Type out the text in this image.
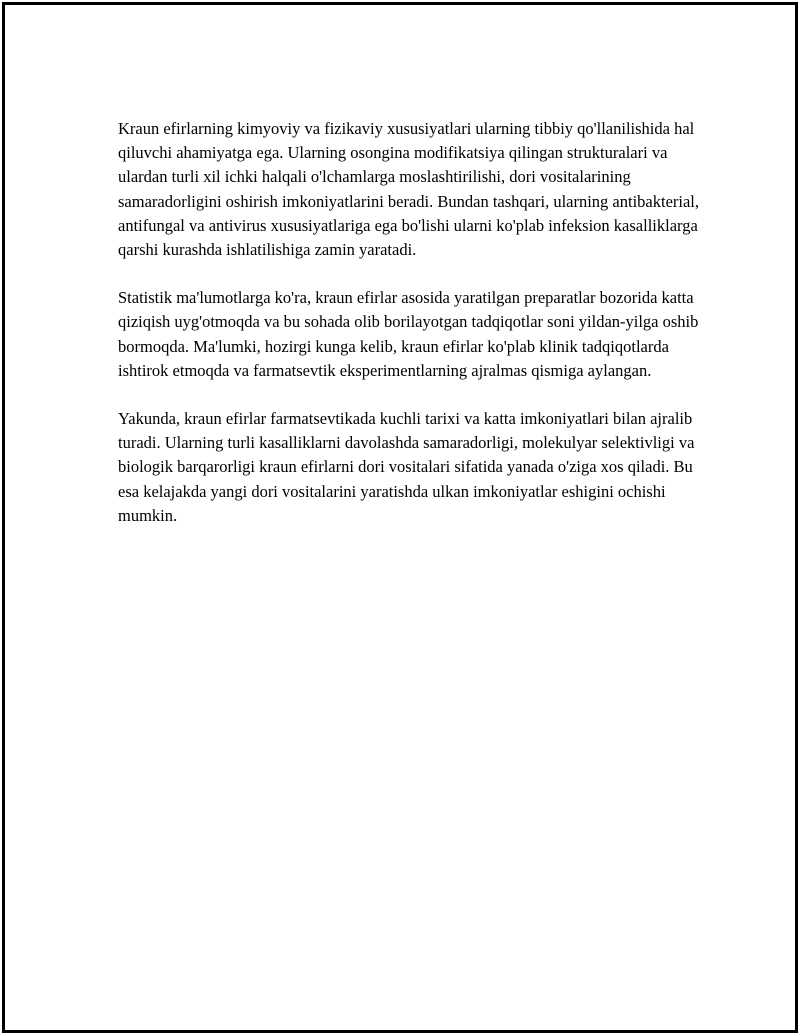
Kraun efirlarning kimyoviy va fizikaviy xususiyatlari ularning tibbiy qo'llanilishida hal qiluvchi ahamiyatga ega. Ularning osongina modifikatsiya qilingan strukturalari va ulardan turli xil ichki halqali o'lchamlarga moslashtirilishi, dori vositalarining samaradorligini oshirish imkoniyatlarini beradi. Bundan tashqari, ularning antibakterial, antifungal va antivirus xususiyatlariga ega bo'lishi ularni ko'plab infeksion kasalliklarga qarshi kurashda ishlatilishiga zamin yaratadi.

Statistik ma'lumotlarga ko'ra, kraun efirlar asosida yaratilgan preparatlar bozorida katta qiziqish uyg'otmoqda va bu sohada olib borilayotgan tadqiqotlar soni yildan-yilga oshib bormoqda. Ma'lumki, hozirgi kunga kelib, kraun efirlar ko'plab klinik tadqiqotlarda ishtirok etmoqda va farmatsevtik eksperimentlarning ajralmas qismiga aylangan.

Yakunda, kraun efirlar farmatsevtikada kuchli tarixi va katta imkoniyatlari bilan ajralib turadi. Ularning turli kasalliklarni davolashda samaradorligi, molekulyar selektivligi va biologik barqarorligi kraun efirlarni dori vositalari sifatida yanada o'ziga xos qiladi. Bu esa kelajakda yangi dori vositalarini yaratishda ulkan imkoniyatlar eshigini ochishi mumkin.
